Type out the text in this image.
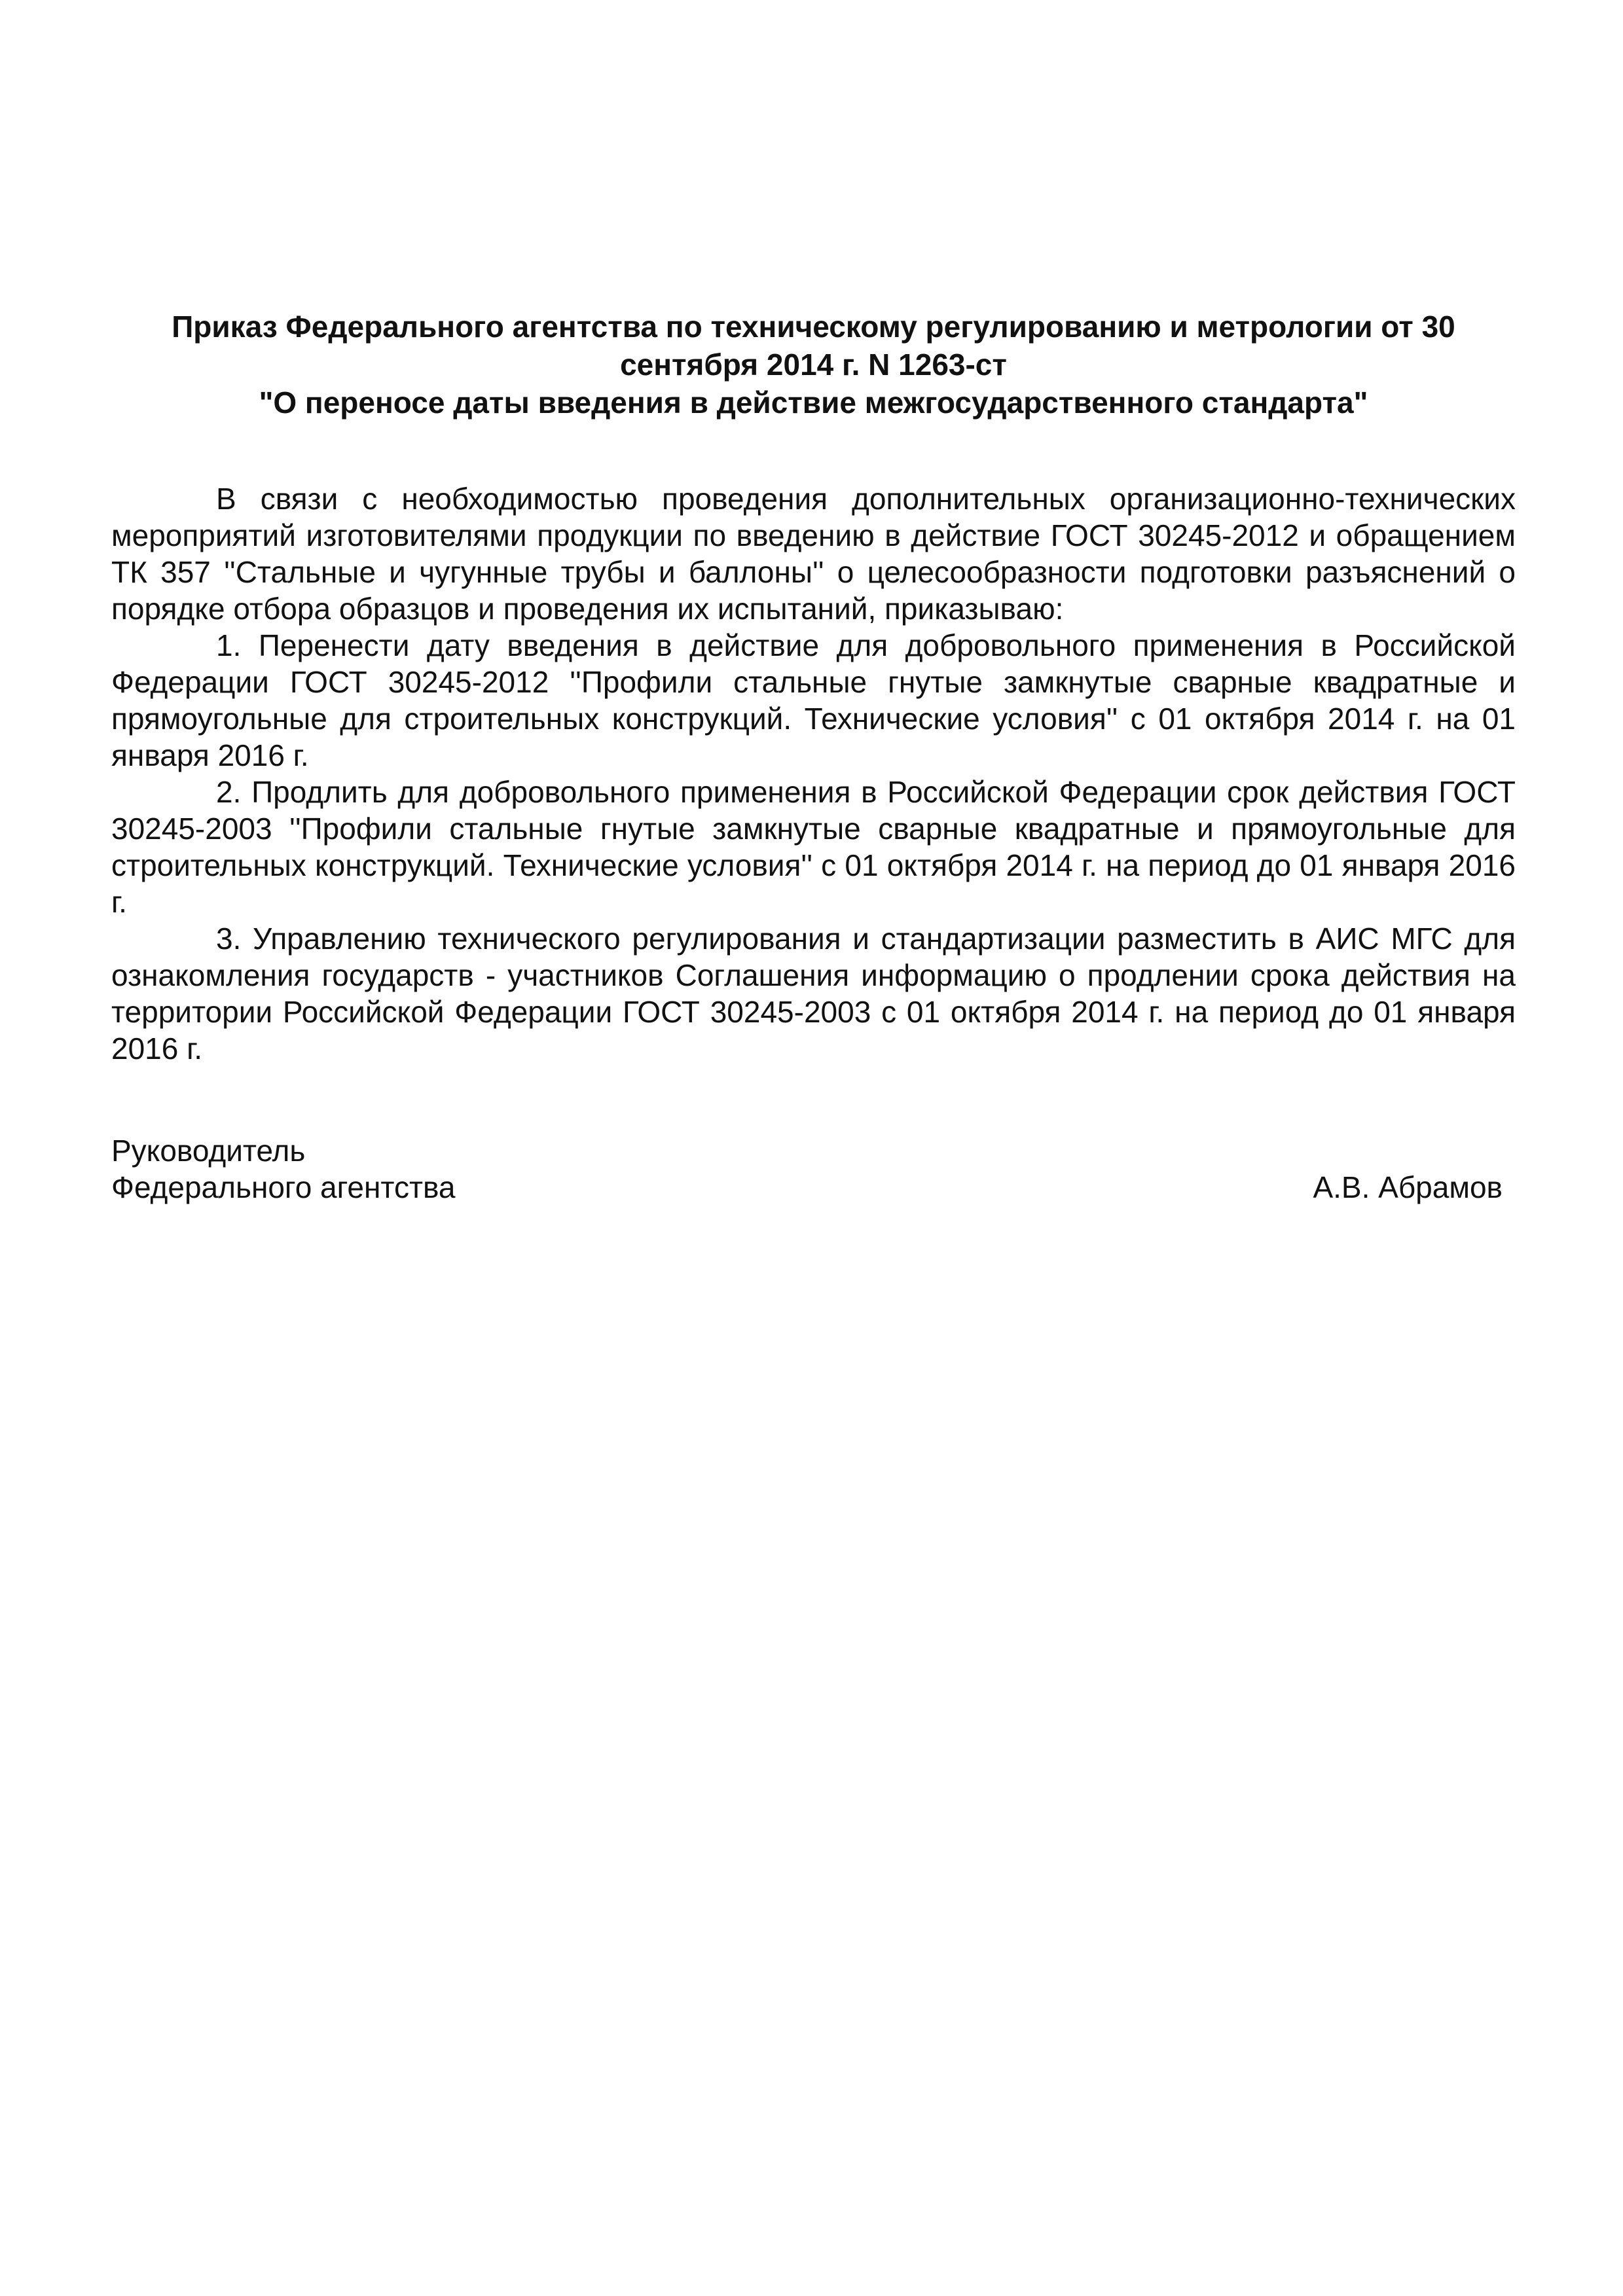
Приказ Федерального агентства по техническому регулированию и метрологии от 30
сентября 2014 г. N 1263-ст
"О переносе даты введения в действие межгосударственного стандарта"

В связи с необходимостью проведения дополнительных организационно-технических мероприятий изготовителями продукции по введению в действие ГОСТ 30245-2012 и обращением ТК 357 ''Стальные и чугунные трубы и баллоны'' о целесообразности подготовки разъяснений о порядке отбора образцов и проведения их испытаний, приказываю:

1. Перенести дату введения в действие для добровольного применения в Российской Федерации ГОСТ 30245-2012 ''Профили стальные гнутые замкнутые сварные квадратные и прямоугольные для строительных конструкций. Технические условия'' с 01 октября 2014 г. на 01 января 2016 г.

2. Продлить для добровольного применения в Российской Федерации срок действия ГОСТ 30245-2003 ''Профили стальные гнутые замкнутые сварные квадратные и прямоугольные для строительных конструкций. Технические условия'' с 01 октября 2014 г. на период до 01 января 2016 г.

3. Управлению технического регулирования и стандартизации разместить в АИС МГС для ознакомления государств - участников Соглашения информацию о продлении срока действия на территории Российской Федерации ГОСТ 30245-2003 с 01 октября 2014 г. на период до 01 января 2016 г.

Руководитель
Федерального агентства	А.В. Абрамов
